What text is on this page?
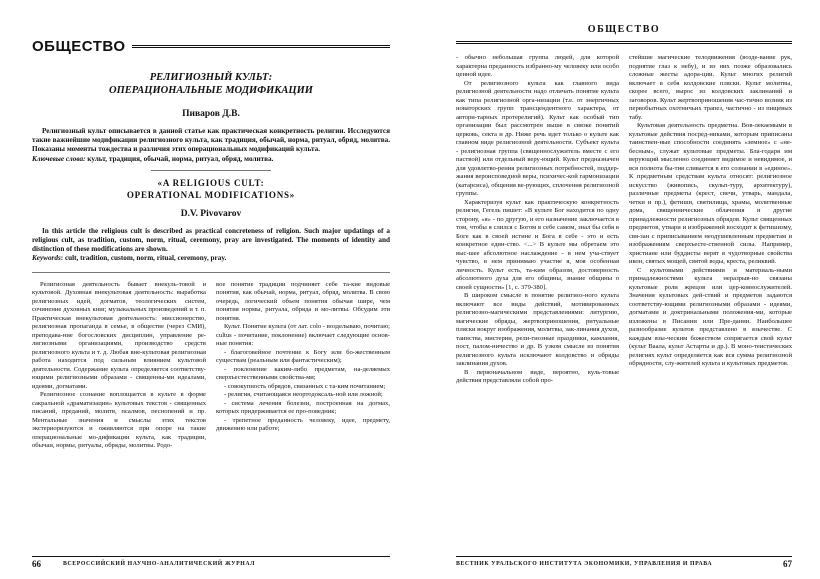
ОБЩЕСТВО
РЕЛИГИОЗНЫЙ КУЛЬТ:
ОПЕРАЦИОНАЛЬНЫЕ МОДИФИКАЦИИ
Пиваров Д.В.
Религиозный культ описывается в данной статье как практическая конкретность религии. Исследуются такие важнейшие модификации религиозного культа, как традиция, обычай, норма, ритуал, обряд, молитва. Показаны моменты тождества и различия этих операциональных модификаций культа.
Ключевые слова: культ, традиция, обычай, норма, ритуал, обряд, молитва.
«A RELIGIOUS CULT:
OPERATIONAL MODIFICATIONS»
D.V. Pivovarov
In this article the religious cult is described as practical concreteness of religion. Such major updatings of a religious cult, as tradition, custom, norm, ritual, ceremony, pray are investigated. The moments of identity and distinction of these modifications are shown.
Keywords: cult, tradition, custom, norm, ritual, ceremony, pray.

Религиозная деятельность бывает внекуль-товой и культовой. Духовная внекультовая деятельность: выработка религиозных идей, догматов, теологических систем, сочинение духовных книг, музыкальных произведений и т. п. Практическая внекультовая деятельность: миссионерство, религиозная пропаганда в семье, в обществе (через СМИ), преподава-ние богословских дисциплин, управление ре-лигиозными организациями, производство средств религиозного культа и т. д. Любая вне-культовая религиозная работа находится под сильным влиянием культовой деятельности. Содержание культа определяется соответству-ющими религиозными образами - священны-ми идеалами, идеями, догматами.

Религиозное сознание воплощается в культе в форме сакральной «драматизации» культовых текстов - священных писаний, преданий, молитв, псалмов, песнопений и пр. Ментальные значения и смыслы этих текстов экстериоризуются и оживляются при опоре на такие операциональные мо-дификации культа, как традиции, обычаи, нормы, ритуалы, обряды, молитвы. Родо-

вое понятие традиции подчиняет себе та-кие видовые понятия, как обычай, норма, ритуал, обряд, молитва. В свою очередь, логический объем понятия обычая шире, чем понятия нормы, ритуала, обряда и мо-литвы. Обсудим эти понятия.

Культ. Понятие культа (от лат. colo - возделываю, почитаю; cultus - почитание, поклонение) включает следующие основ-ные понятия:

- благоговейное почтение к Богу или бо-жественным существам (реальным или фантастическим);

- поклонение каким-либо предметам, на-деляемых сверхъестественными свойства-ми;

- совокупность обрядов, связанных с та-ким почитанием;

- религия, считающаяся неортодоксаль-ной или ложной;

- система лечения болезни, построенная на догмах, которых придерживается ее про-поведник;

- трепетное преданность человеку, идее, предмету, движению или работе;

66	ВСЕРОССИЙСКИЙ НАУЧНО-АНАЛИТИЧЕСКИЙ ЖУРНАЛ
ОБЩЕСТВО

- обычно небольшая группа людей, для которой характерна преданность избранно-му человеку или особо ценной идее.

От религиозного культа как главного вида религиозной деятельности надо отличать понятие культа как типа религиозной орга-низации (т.е. от энергичных новаторских групп трансцендентного характера, от автори-тарных протерелигий). Культ как особый тип организации был рассмотрен выше в связке понятий церковь, секта и др. Ниже речь идет только о культе как главном виде религиозной деятельности. Субъект культа - религиозная группа (священнослужитель вместе с его паствой) или отдельный веру-ющий. Культ предназначен для удовлетво-рения религиозных потребностей, поддер-жания вероисповедной веры, психичес-кой гармонизации (катарсиса), общения ве-рующих, сплочения религиозной группы.

Характеризуя культ как практическую конкретность религии, Гегель пишет: «В культе Бог находится по одну сторону, «я» - по другую, и его назначение заключается в том, чтобы я слился с Богом в себе самом, знал бы себя в Боге как в своей истине и Бога в себе - это и есть конкретное един-ство. <...> В культе мы обретаем это выс-шее абсолютное наслаждение - в нем уча-ствует чувство, в нем принимаю участие я, моя особенная личность. Культ есть, та-ким образом, достоверность абсолютного духа для его общины, знание общины о своей сущности» [1, с. 379-380].

В широком смысле в понятие религиоз-ного культа включают все виды действий, мотивированных религиозно-магическими представлениями: литургию, магические обряды, жертвоприношения, ритуальные пляски вокруг изображения, молитвы, зак-линания духов, таинства, мистерии, рели-гиозные праздники, камлания, пост, палом-ничество и др. В узком смысле из понятия религиозного культа исключают колдовство и обряды заклинания духов.

В первоначальном виде, вероятно, куль-товые действия представляли собой про-

стейшие магические телодвижения (возде-вание рук, поднятие глаз к небу), и из них позже образовались сложные жесты адора-ции. Культ многих религий включает в себя колдовские пляски. Культ молитвы, скорее всего, вырос из колдовских заклинаний и заговоров. Культ жертвоприношения час-тично возник из первобытных охотничьих трапез, частично - из пищевых табу.

Культовая деятельность предметна. Вов-лекаемыми в культовые действия посред-никами, которым приписаны таинствен-ные способности соединять «земное» с «не-бесным», служат культовые предметы. Бла-годаря им верующий мысленно соединяет видимое и невидимое, и вся полнота бы-тия сливается в его сознании в «единое». К предметным средствам культа относят: религиозное искусство (живопись, скульп-туру, архитектуру), различные предметы (крест, свечи, утварь, мандала, четки и пр.), фетиши, святилища, храмы, молитвенные дома, священнические облачения и другие принадлежности религиозных обрядов. Культ священных предметов, утвари и изображений восходит к фетишизму, свя-зан с приписыванием неодушевленным предметам и изображениям сверхъесте-ственной силы. Например, христиане или буддисты верят в чудотворные свойства икон, святых мощей, святой воды, креста, реликвий.

С культовыми действиями и материаль-ными принадлежностями культа неразрыв-но связаны культовые роли жрецов или цер-ковнослужителей. Значения культовых дей-ствий и предметов задаются соответству-ющими религиозными образами - идеями, догматами и доктринальными положения-ми, которые изложены в Писании или Пре-дании. Наибольшее разнообразие культов представлено в язычестве. С каждым язы-ческим божеством сопрягается свой культ (культ Ваала, культ Астарты и др.). В моно-теистических религиях культ определяется как вся сумма религиозной обрядности, слу-жителей культа и культовых предметов.

ВЕСТНИК УРАЛЬСКОГО ИНСТИТУТА ЭКОНОМИКИ, УПРАВЛЕНИЯ И ПРАВА	67
